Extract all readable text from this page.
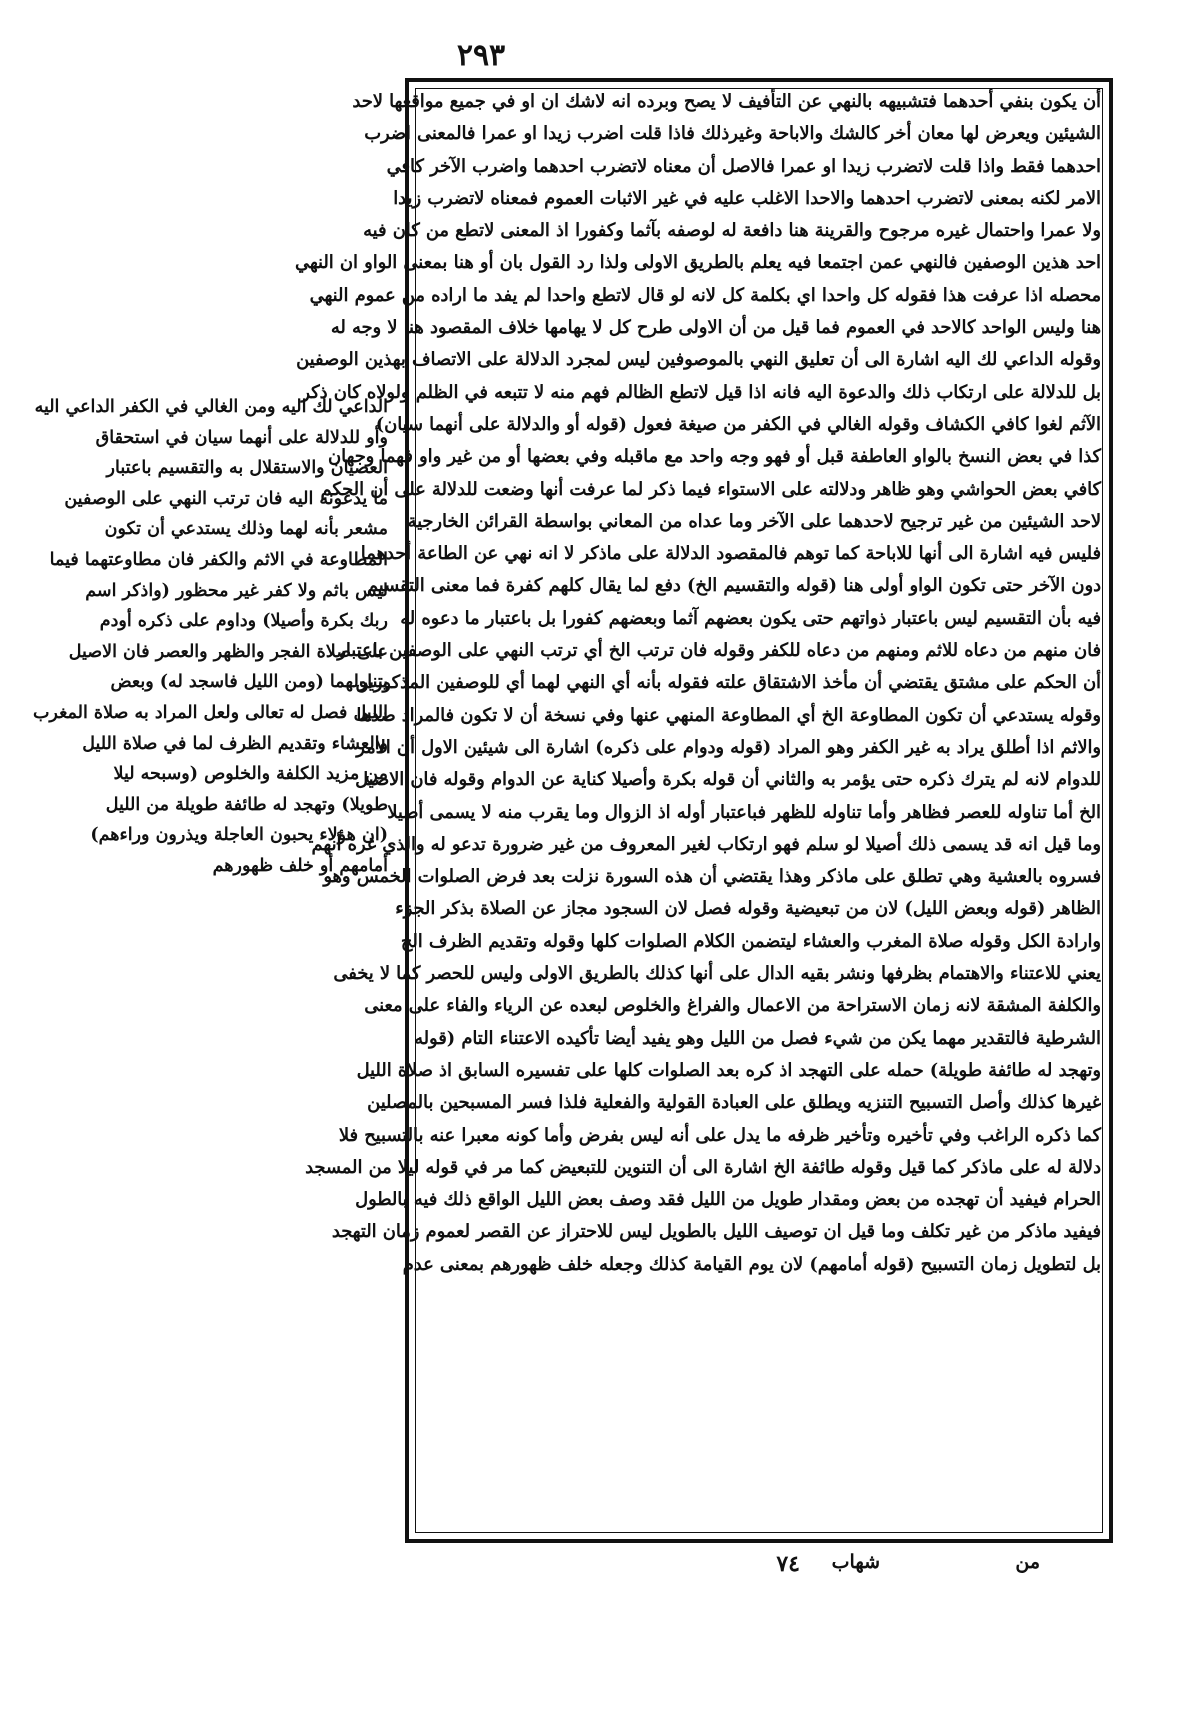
٢٩٣
أن يكون بنفي أحدهما فتشبيهه بالنهي عن التأفيف لا يصح وبرده انه لاشك ان او في جميع مواقعها لاحد
الشيئين ويعرض لها معان أخر كالشك والاباحة وغيرذلك فاذا قلت اضرب زيدا او عمرا فالمعنى اضرب
احدهما فقط واذا قلت لاتضرب زيدا او عمرا فالاصل أن معناه لاتضرب احدهما واضرب الآخر كافي
الامر لكنه بمعنى لاتضرب احدهما والاحدا الاغلب عليه في غير الاثبات العموم فمعناه لاتضرب زيدا
ولا عمرا واحتمال غيره مرجوح والقرينة هنا دافعة له لوصفه بآثما وكفورا اذ المعنى لاتطع من كان فيه
احد هذين الوصفين فالنهي عمن اجتمعا فيه يعلم بالطريق الاولى ولذا رد القول بان أو هنا بمعنى الواو ان النهي
محصله اذا عرفت هذا فقوله كل واحدا اي بكلمة كل لانه لو قال لاتطع واحدا لم يفد ما اراده من عموم النهي
هنا وليس الواحد كالاحد في العموم فما قيل من أن الاولى طرح كل لا يهامها خلاف المقصود هنا لا وجه له
وقوله الداعي لك اليه اشارة الى أن تعليق النهي بالموصوفين ليس لمجرد الدلالة على الاتصاف بهذين الوصفين
بل للدلالة على ارتكاب ذلك والدعوة اليه فانه اذا قيل لاتطع الظالم فهم منه لا تتبعه في الظلم ولولاه كان ذكر
الآثم لغوا كافي الكشاف وقوله الغالي في الكفر من صيغة فعول (قوله أو والدلالة على أنهما سيان)
كذا في بعض النسخ بالواو العاطفة قبل أو فهو وجه واحد مع ماقبله وفي بعضها أو من غير واو فهما وجهان
كافي بعض الحواشي وهو ظاهر ودلالته على الاستواء فيما ذكر لما عرفت أنها وضعت للدلالة على أن الحكم
لاحد الشيئين من غير ترجيح لاحدهما على الآخر وما عداه من المعاني بواسطة القرائن الخارجية
فليس فيه اشارة الى أنها للاباحة كما توهم فالمقصود الدلالة على ماذكر لا انه نهي عن الطاعة أحدهما
دون الآخر حتى تكون الواو أولى هنا (قوله والتقسيم الخ) دفع لما يقال كلهم كفرة فما معنى التقسيم
فيه بأن التقسيم ليس باعتبار ذواتهم حتى يكون بعضهم آثما وبعضهم كفورا بل باعتبار ما دعوه له
فان منهم من دعاه للاثم ومنهم من دعاه للكفر وقوله فان ترتب الخ أي ترتب النهي على الوصفين باعتبار
أن الحكم على مشتق يقتضي أن مأخذ الاشتقاق علته فقوله بأنه أي النهي لهما أي للوصفين المذكورين
وقوله يستدعي أن تكون المطاوعة الخ أي المطاوعة المنهي عنها وفي نسخة أن لا تكون فالمراد ضدها
والاثم اذا أطلق يراد به غير الكفر وهو المراد (قوله ودوام على ذكره) اشارة الى شيئين الاول أن الامر
للدوام لانه لم يترك ذكره حتى يؤمر به والثاني أن قوله بكرة وأصيلا كناية عن الدوام وقوله فان الاصيل
الخ أما تناوله للعصر فظاهر وأما تناوله للظهر فباعتبار أوله اذ الزوال وما يقرب منه لا يسمى أصيلا
وما قيل انه قد يسمى ذلك أصيلا لو سلم فهو ارتكاب لغير المعروف من غير ضرورة تدعو له والذي غره أنهم
فسروه بالعشية وهي تطلق على ماذكر وهذا يقتضي أن هذه السورة نزلت بعد فرض الصلوات الخمس وهو
الظاهر (قوله وبعض الليل) لان من تبعيضية وقوله فصل لان السجود مجاز عن الصلاة بذكر الجزء
وارادة الكل وقوله صلاة المغرب والعشاء ليتضمن الكلام الصلوات كلها وقوله وتقديم الظرف الخ
يعني للاعتناء والاهتمام بظرفها ونشر بقيه الدال على أنها كذلك بالطريق الاولى وليس للحصر كما لا يخفى
والكلفة المشقة لانه زمان الاستراحة من الاعمال والفراغ والخلوص لبعده عن الرياء والفاء على معنى
الشرطية فالتقدير مهما يكن من شيء فصل من الليل وهو يفيد أيضا تأكيده الاعتناء التام (قوله
وتهجد له طائفة طويلة) حمله على التهجد اذ كره بعد الصلوات كلها على تفسيره السابق اذ صلاة الليل
غيرها كذلك وأصل التسبيح التنزيه ويطلق على العبادة القولية والفعلية فلذا فسر المسبحين بالمصلين
كما ذكره الراغب وفي تأخيره وتأخير ظرفه ما يدل على أنه ليس بفرض وأما كونه معبرا عنه بالتسبيح فلا
دلالة له على ماذكر كما قيل وقوله طائفة الخ اشارة الى أن التنوين للتبعيض كما مر في قوله ليلا من المسجد
الحرام فيفيد أن تهجده من بعض ومقدار طويل من الليل فقد وصف بعض الليل الواقع ذلك فيه بالطول
فيفيد ماذكر من غير تكلف وما قيل ان توصيف الليل بالطويل ليس للاحتراز عن القصر لعموم زمان التهجد
بل لتطويل زمان التسبيح (قوله أمامهم) لان يوم القيامة كذلك وجعله خلف ظهورهم بمعنى عدم
الداعي لك اليه ومن الغالي في الكفر الداعي اليه
وأو للدلالة على أنهما سيان في استحقاق
العصيان والاستقلال به والتقسيم باعتبار
ما يدعونه اليه فان ترتب النهي على الوصفين
مشعر بأنه لهما وذلك يستدعي أن تكون
المطاوعة في الاثم والكفر فان مطاوعتهما فيما
ليس باثم ولا كفر غير محظور (واذكر اسم
ربك بكرة وأصيلا) وداوم على ذكره أودم
على صلاة الفجر والظهر والعصر فان الاصيل
يتناولهما (ومن الليل فاسجد له) وبعض
الليل فصل له تعالى ولعل المراد به صلاة المغرب
والعشاء وتقديم الظرف لما في صلاة الليل
من مزيد الكلفة والخلوص (وسبحه ليلا
طويلا) وتهجد له طائفة طويلة من الليل
(ان هؤلاء يحبون العاجلة ويذرون وراءهم)
أمامهم أو خلف ظهورهم
من
شهاب
٧٤
